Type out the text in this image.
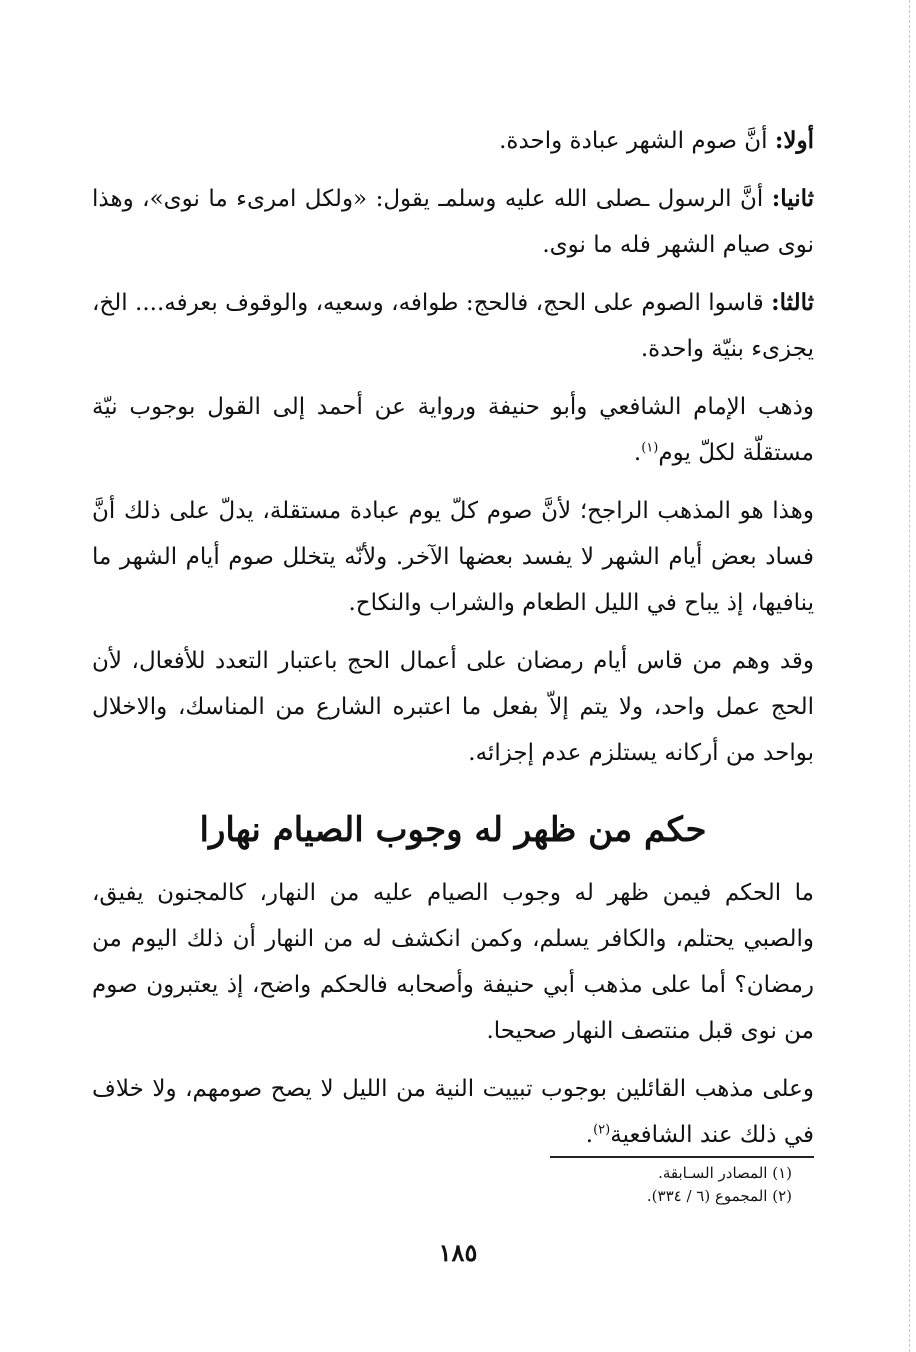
أولا: أنَّ صوم الشهر عبادة واحدة.

ثانيا: أنَّ الرسول ـصلى الله عليه وسلمـ يقول: «ولكل امرىء ما نوى»، وهذا نوى صيام الشهر فله ما نوى.

ثالثا: قاسوا الصوم على الحج، فالحج: طوافه، وسعيه، والوقوف بعرفه.... الخ، يجزىء بنيّة واحدة.

وذهب الإمام الشافعي وأبو حنيفة ورواية عن أحمد إلى القول بوجوب نيّة مستقلّة لكلّ يوم$^{(١)}$.

وهذا هو المذهب الراجح؛ لأنَّ صوم كلّ يوم عبادة مستقلة، يدلّ على ذلك أنَّ فساد بعض أيام الشهر لا يفسد بعضها الآخر. ولأنّه يتخلل صوم أيام الشهر ما ينافيها، إذ يباح في الليل الطعام والشراب والنكاح.

وقد وهم من قاس أيام رمضان على أعمال الحج باعتبار التعدد للأفعال، لأن الحج عمل واحد، ولا يتم إلاّ بفعل ما اعتبره الشارع من المناسك، والاخلال بواحد من أركانه يستلزم عدم إجزائه.

حكم من ظهر له وجوب الصيام نهارا

ما الحكم فيمن ظهر له وجوب الصيام عليه من النهار، كالمجنون يفيق، والصبي يحتلم، والكافر يسلم، وكمن انكشف له من النهار أن ذلك اليوم من رمضان؟ أما على مذهب أبي حنيفة وأصحابه فالحكم واضح، إذ يعتبرون صوم من نوى قبل منتصف النهار صحيحا.

وعلى مذهب القائلين بوجوب تبييت النية من الليل لا يصح صومهم، ولا خلاف في ذلك عند الشافعية$^{(٢)}$.

(١) المصادر السـابقة.
(٢) المجموع (٦ / ٣٣٤).
١٨٥
